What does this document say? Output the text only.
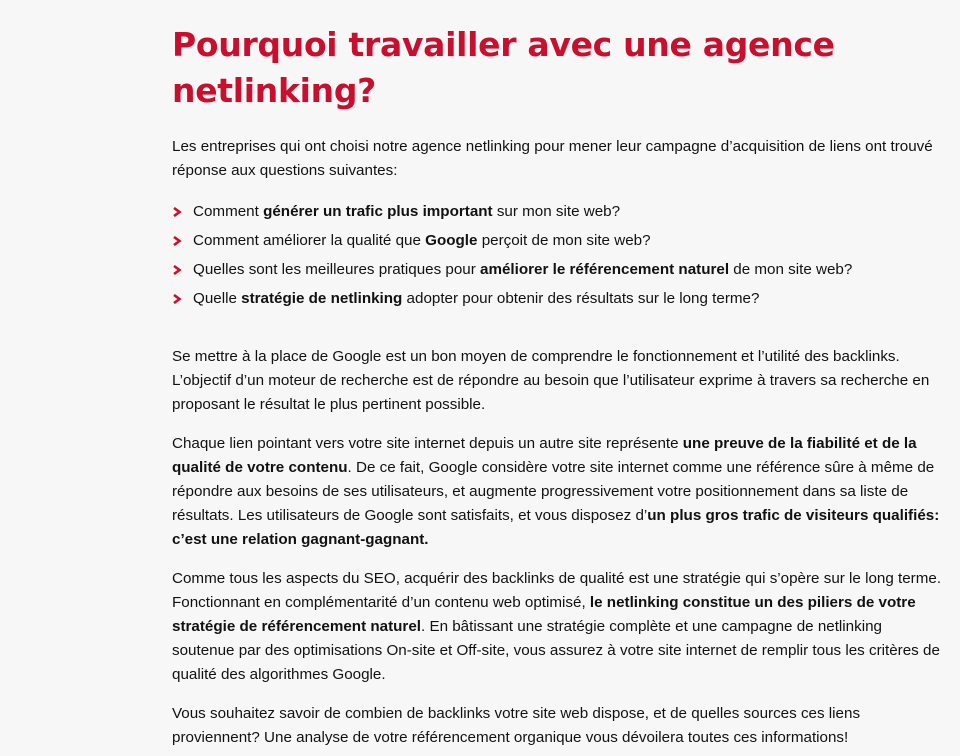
Pourquoi travailler avec une agence netlinking?

Les entreprises qui ont choisi notre agence netlinking pour mener leur campagne d’acquisition de liens ont trouvé réponse aux questions suivantes:

Comment générer un trafic plus important sur mon site web?
Comment améliorer la qualité que Google perçoit de mon site web?
Quelles sont les meilleures pratiques pour améliorer le référencement naturel de mon site web?
Quelle stratégie de netlinking adopter pour obtenir des résultats sur le long terme?

Se mettre à la place de Google est un bon moyen de comprendre le fonctionnement et l’utilité des backlinks. L’objectif d’un moteur de recherche est de répondre au besoin que l’utilisateur exprime à travers sa recherche en proposant le résultat le plus pertinent possible.

Chaque lien pointant vers votre site internet depuis un autre site représente une preuve de la fiabilité et de la qualité de votre contenu. De ce fait, Google considère votre site internet comme une référence sûre à même de répondre aux besoins de ses utilisateurs, et augmente progressivement votre positionnement dans sa liste de résultats. Les utilisateurs de Google sont satisfaits, et vous disposez d’un plus gros trafic de visiteurs qualifiés: c’est une relation gagnant-gagnant.

Comme tous les aspects du SEO, acquérir des backlinks de qualité est une stratégie qui s’opère sur le long terme. Fonctionnant en complémentarité d’un contenu web optimisé, le netlinking constitue un des piliers de votre stratégie de référencement naturel. En bâtissant une stratégie complète et une campagne de netlinking soutenue par des optimisations On-site et Off-site, vous assurez à votre site internet de remplir tous les critères de qualité des algorithmes Google.

Vous souhaitez savoir de combien de backlinks votre site web dispose, et de quelles sources ces liens proviennent? Une analyse de votre référencement organique vous dévoilera toutes ces informations!
